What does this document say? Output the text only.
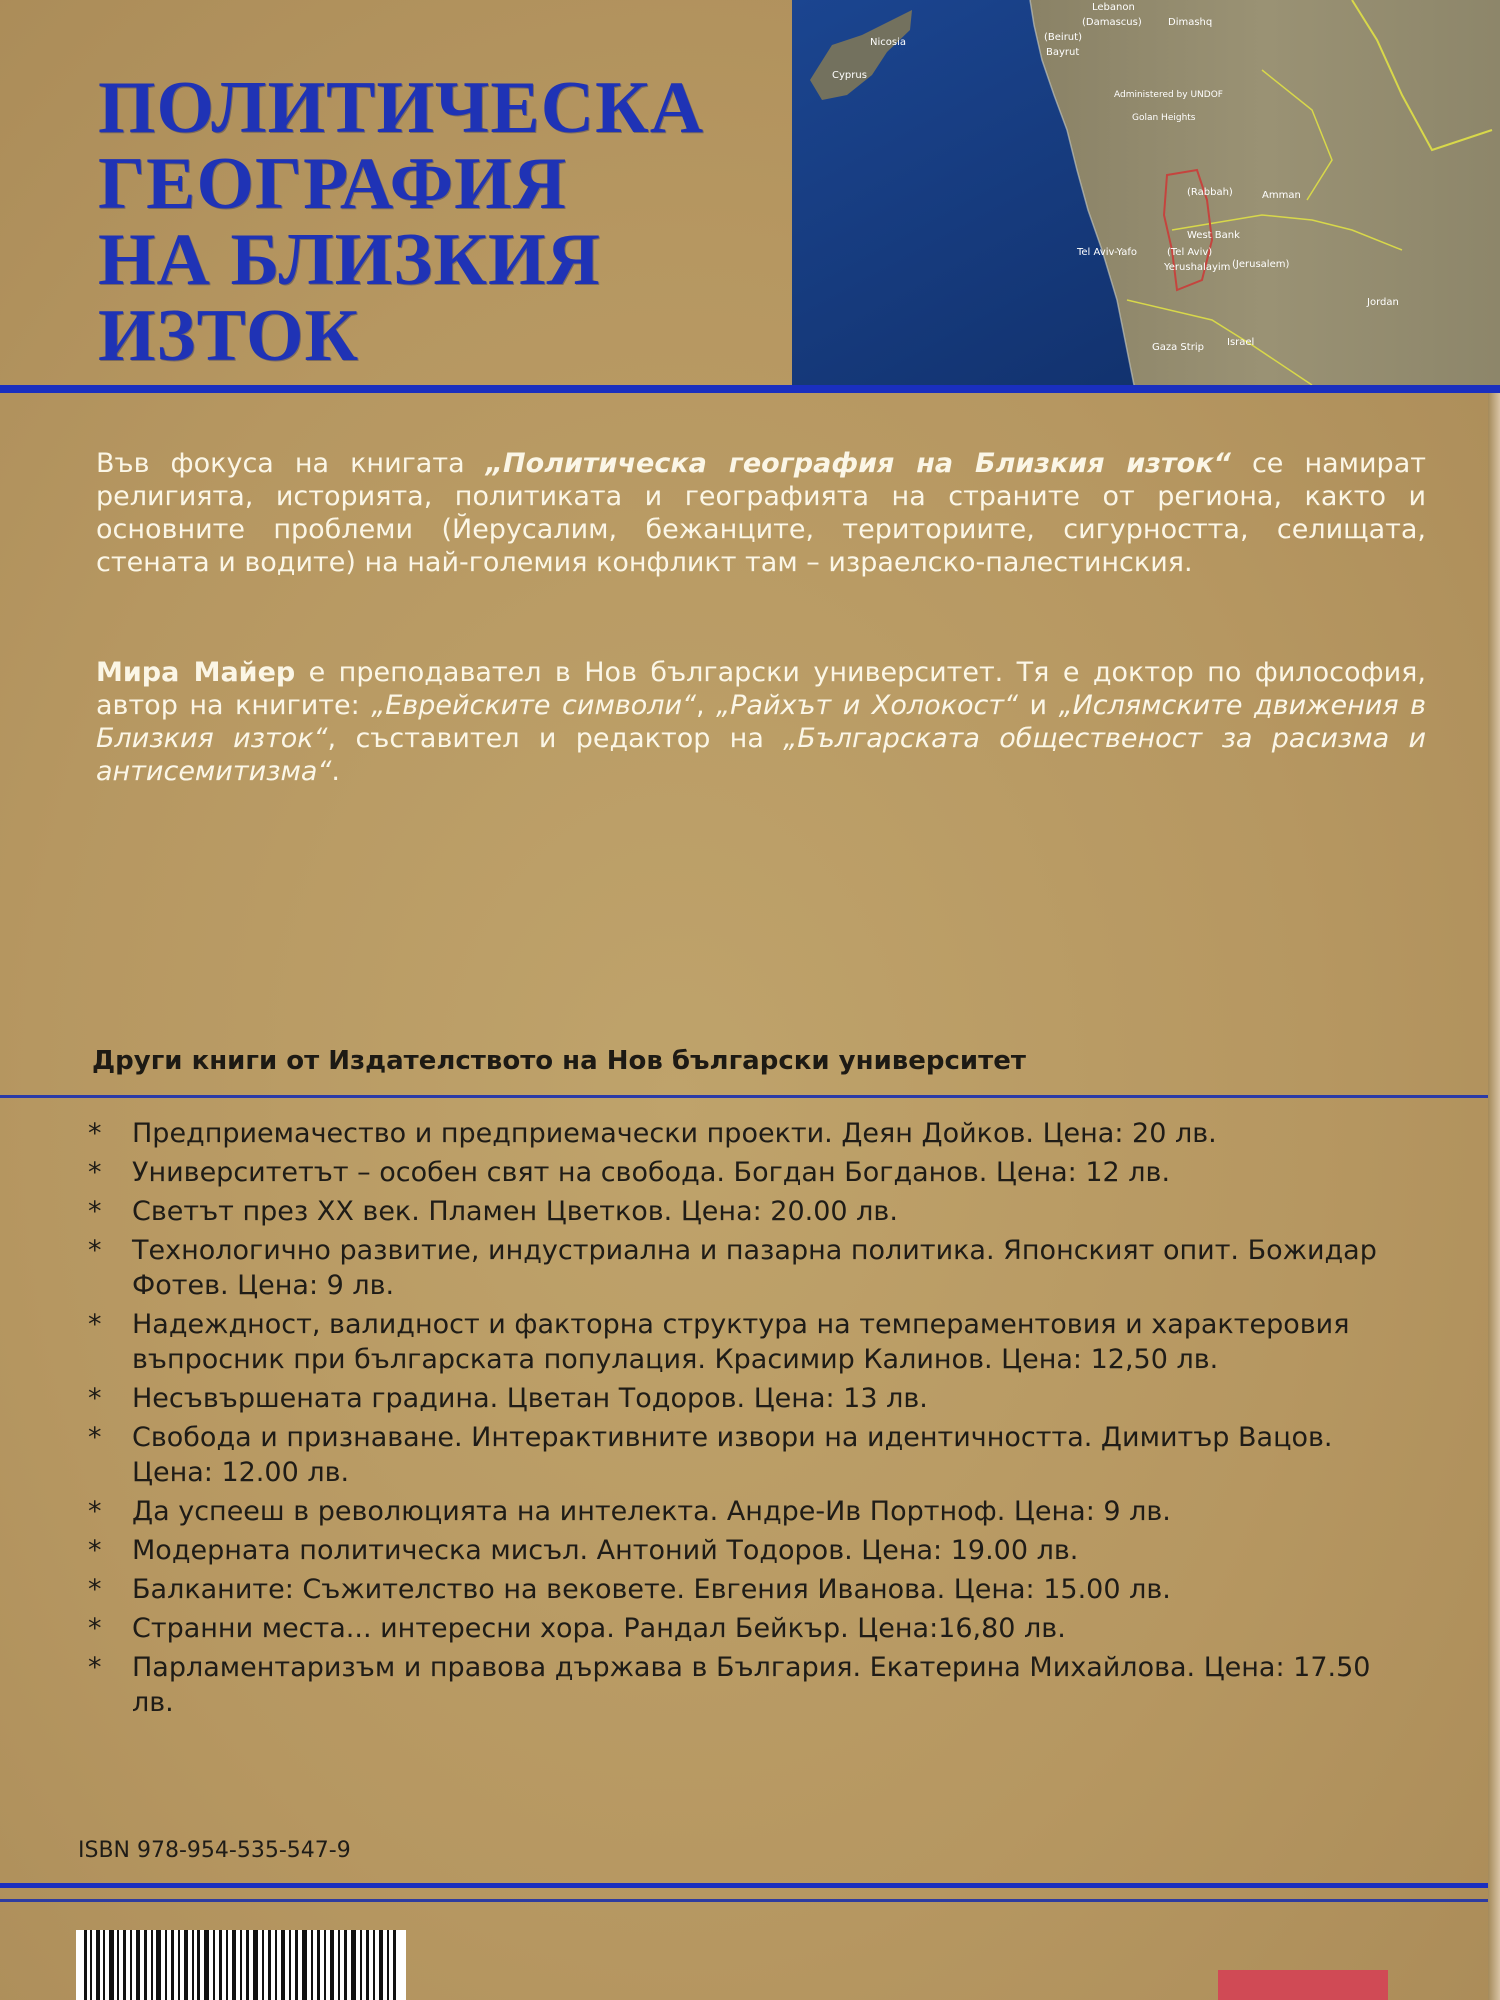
ПОЛИТИЧЕСКА
ГЕОГРАФИЯ
НА БЛИЗКИЯ
ИЗТОК
Lebanon
(Damascus)	Dimashq
(Beirut)
Bayrut
Nicosia
Cyprus
Administered by UNDOF
Golan Heights
(Rabbah)	Amman
West Bank
Tel Aviv-Yafo	(Tel Aviv)
Yerushalayim (Jerusalem)
Jordan
Gaza Strip Israel

Във фокуса на книгата „Политическа география на Близкия изток“ се намират религията, историята, политиката и географията на страните от региона, както и основните проблеми (Йерусалим, бежанците, териториите, сигурността, селищата, стената и водите) на най-големия конфликт там – израелско-палестинския.

Мира Майер е преподавател в Нов български университет. Тя е доктор по философия, автор на книгите: „Еврейските символи“, „Райхът и Холокост“ и „Ислямските движения в Близкия изток“, съставител и редактор на „Българската общественост за расизма и антисемитизма“.

Други книги от Издателството на Нов български университет
* Предприемачество и предприемачески проекти. Деян Дойков. Цена: 20 лв.
* Университетът – особен свят на свобода. Богдан Богданов. Цена: 12 лв.
* Светът през XX век. Пламен Цветков. Цена: 20.00 лв.
* Технологично развитие, индустриална и пазарна политика. Японският опит. Божидар Фотев. Цена: 9 лв.
* Надеждност, валидност и факторна структура на темпераментовия и характеровия въпросник при българската популация. Красимир Калинов. Цена: 12,50 лв.
* Несъвършената градина. Цветан Тодоров. Цена: 13 лв.
* Свобода и признаване. Интерактивните извори на идентичността. Димитър Вацов. Цена: 12.00 лв.
* Да успееш в революцията на интелекта. Андре-Ив Портноф. Цена: 9 лв.
* Модерната политическа мисъл. Антоний Тодоров. Цена: 19.00 лв.
* Балканите: Съжителство на вековете. Евгения Иванова. Цена: 15.00 лв.
* Странни места... интересни хора. Рандал Бейкър. Цена:16,80 лв.
* Парламентаризъм и правова държава в България. Екатерина Михайлова. Цена: 17.50 лв.
ISBN 978-954-535-547-9
